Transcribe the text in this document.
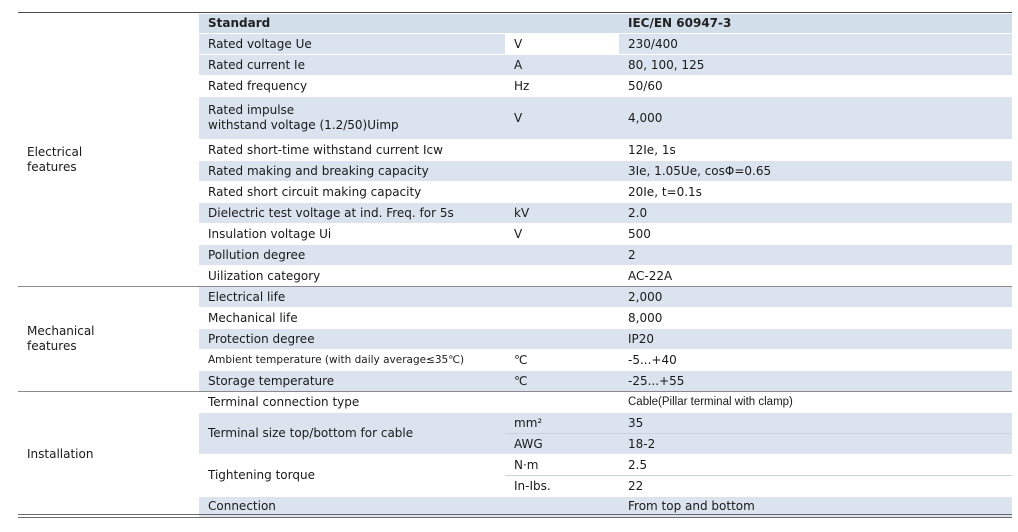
	Standard		IEC/EN 60947-3
Electrical
features	Rated voltage Ue	V	230/400
	Rated current Ie	A	80, 100, 125
	Rated frequency	Hz	50/60
	Rated impulse
withstand voltage (1.2/50)Uimp	V	4,000
	Rated short-time withstand current Icw		12Ie, 1s
	Rated making and breaking capacity		3Ie, 1.05Ue, cosΦ=0.65
	Rated short circuit making capacity		20Ie, t=0.1s
	Dielectric test voltage at ind. Freq. for 5s	kV	2.0
	Insulation voltage Ui	V	500
	Pollution degree		2
	Uilization category		AC-22A
Mechanical
features	Electrical life		2,000
	Mechanical life		8,000
	Protection degree		IP20
	Ambient temperature (with daily average≤35℃)	℃	-5...+40
	Storage temperature	℃	-25...+55
Installation	Terminal connection type		Cable(Pillar terminal with clamp)
	Terminal size top/bottom for cable	mm²	35
		AWG	18-2
	Tightening torque	N·m	2.5
		In-Ibs.	22
	Connection		From top and bottom
